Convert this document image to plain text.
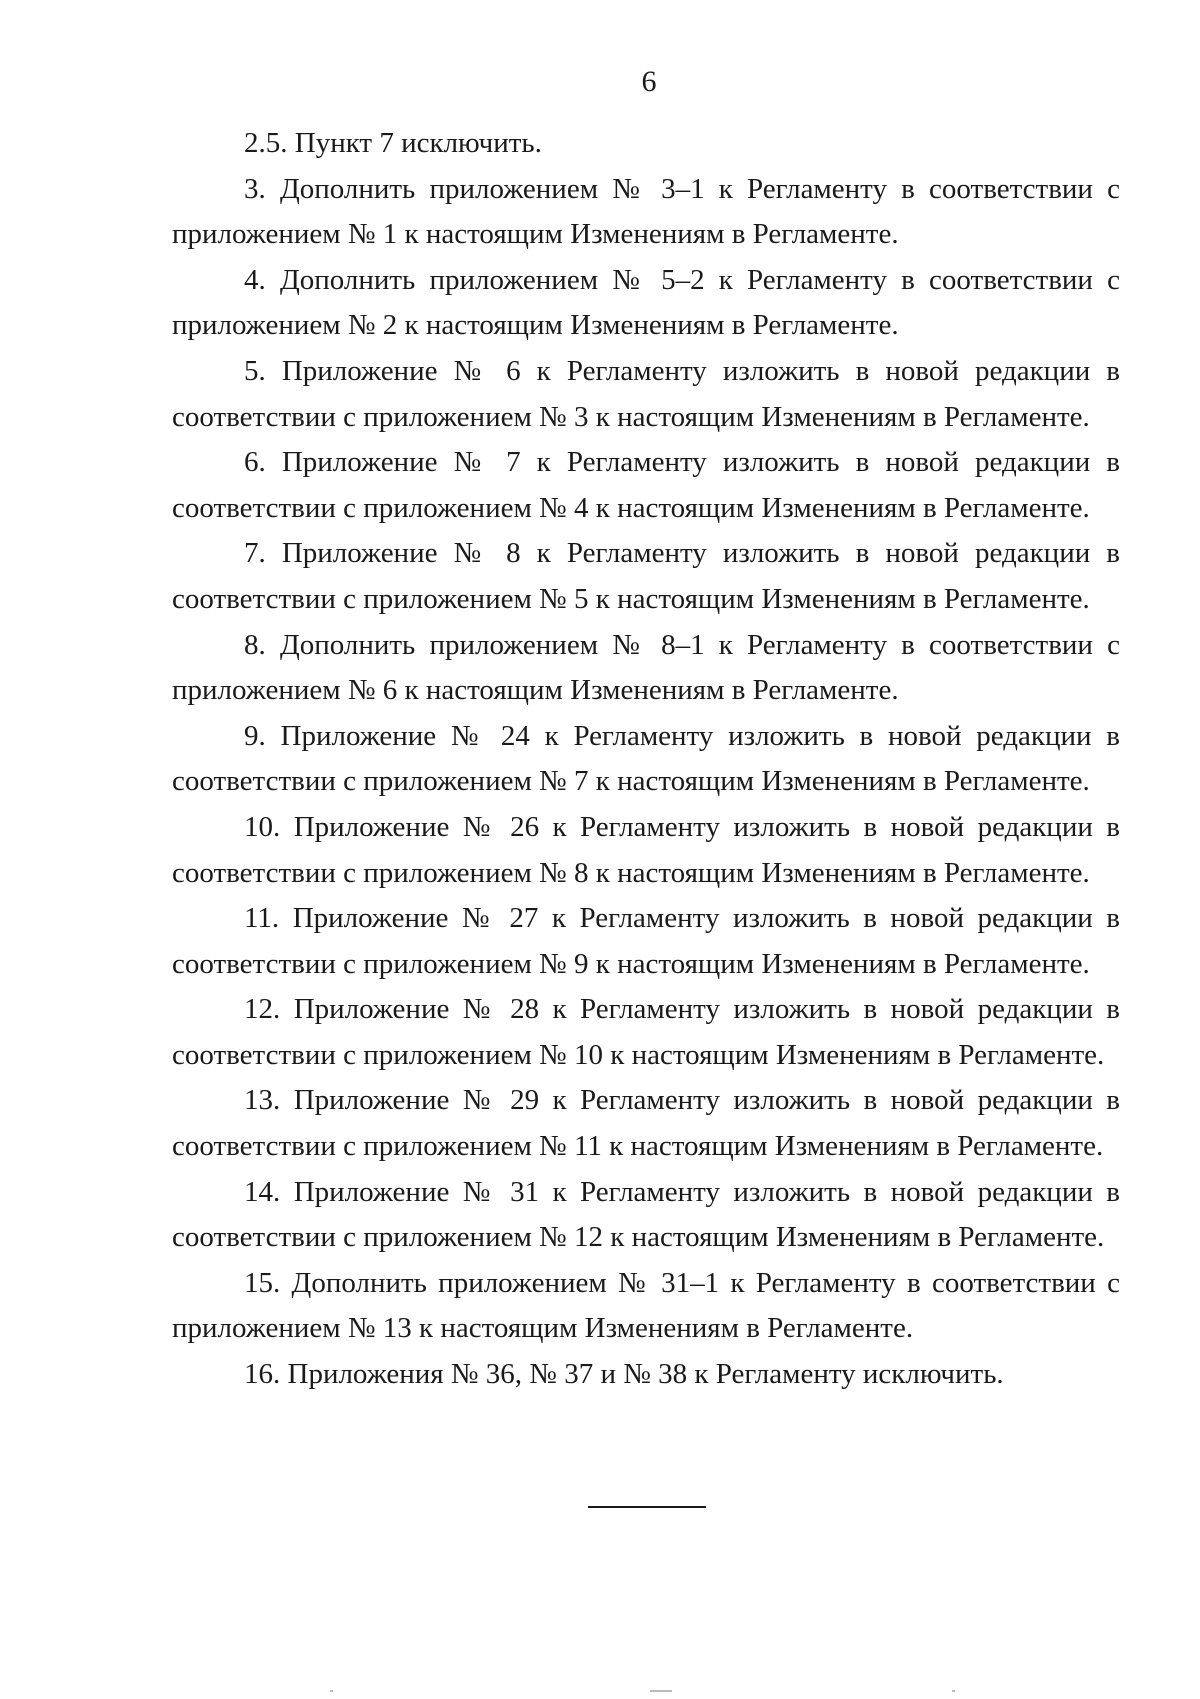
6

2.5. Пункт 7 исключить.

3. Дополнить приложением № 3–1 к Регламенту в соответствии с приложением № 1 к настоящим Изменениям в Регламенте.

4. Дополнить приложением № 5–2 к Регламенту в соответствии с приложением № 2 к настоящим Изменениям в Регламенте.

5. Приложение № 6 к Регламенту изложить в новой редакции в соответствии с приложением № 3 к настоящим Изменениям в Регламенте.

6. Приложение № 7 к Регламенту изложить в новой редакции в соответствии с приложением № 4 к настоящим Изменениям в Регламенте.

7. Приложение № 8 к Регламенту изложить в новой редакции в соответствии с приложением № 5 к настоящим Изменениям в Регламенте.

8. Дополнить приложением № 8–1 к Регламенту в соответствии с приложением № 6 к настоящим Изменениям в Регламенте.

9. Приложение № 24 к Регламенту изложить в новой редакции в соответствии с приложением № 7 к настоящим Изменениям в Регламенте.

10. Приложение № 26 к Регламенту изложить в новой редакции в соответствии с приложением № 8 к настоящим Изменениям в Регламенте.

11. Приложение № 27 к Регламенту изложить в новой редакции в соответствии с приложением № 9 к настоящим Изменениям в Регламенте.

12. Приложение № 28 к Регламенту изложить в новой редакции в соответствии с приложением № 10 к настоящим Изменениям в Регламенте.

13. Приложение № 29 к Регламенту изложить в новой редакции в соответствии с приложением № 11 к настоящим Изменениям в Регламенте.

14. Приложение № 31 к Регламенту изложить в новой редакции в соответствии с приложением № 12 к настоящим Изменениям в Регламенте.

15. Дополнить приложением № 31–1 к Регламенту в соответствии с приложением № 13 к настоящим Изменениям в Регламенте.

16. Приложения № 36, № 37 и № 38 к Регламенту исключить.
